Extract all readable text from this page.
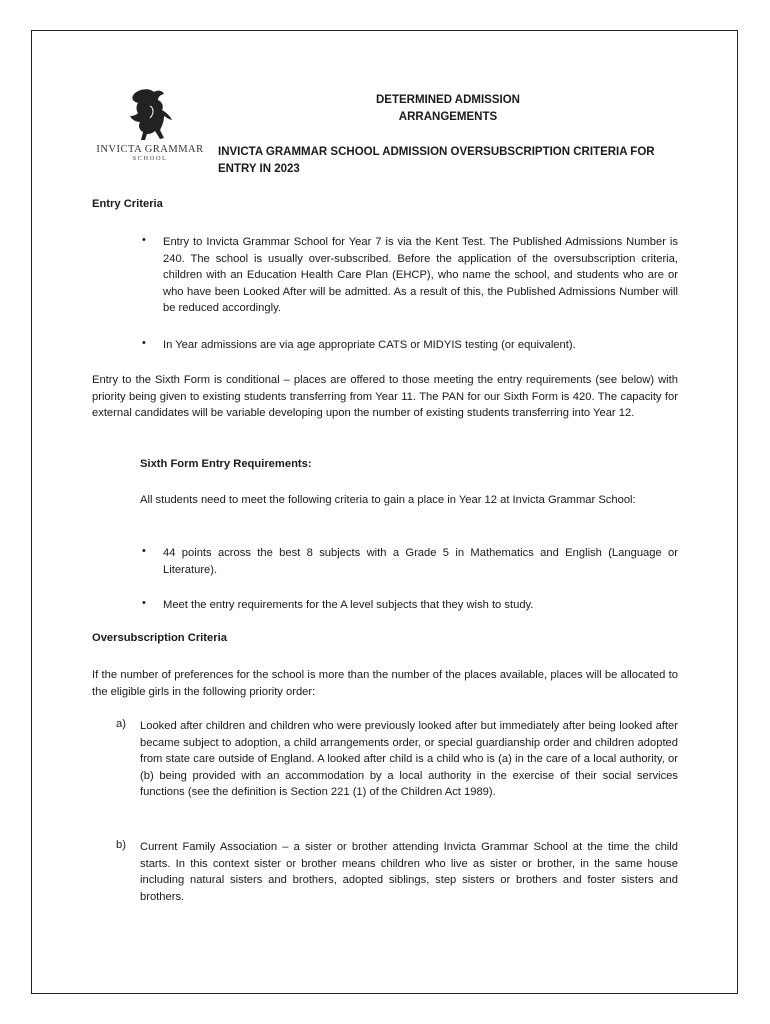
INVICTA GRAMMAR
SCHOOL
DETERMINED ADMISSION ARRANGEMENTS
INVICTA GRAMMAR SCHOOL ADMISSION OVERSUBSCRIPTION CRITERIA FOR ENTRY IN 2023
Entry Criteria
• Entry to Invicta Grammar School for Year 7 is via the Kent Test. The Published Admissions Number is 240. The school is usually over-subscribed. Before the application of the oversubscription criteria, children with an Education Health Care Plan (EHCP), who name the school, and students who are or who have been Looked After will be admitted. As a result of this, the Published Admissions Number will be reduced accordingly.
• In Year admissions are via age appropriate CATS or MIDYIS testing (or equivalent).
Entry to the Sixth Form is conditional – places are offered to those meeting the entry requirements (see below) with priority being given to existing students transferring from Year 11. The PAN for our Sixth Form is 420. The capacity for external candidates will be variable developing upon the number of existing students transferring into Year 12.
Sixth Form Entry Requirements:
All students need to meet the following criteria to gain a place in Year 12 at Invicta Grammar School:
• 44 points across the best 8 subjects with a Grade 5 in Mathematics and English (Language or Literature).
• Meet the entry requirements for the A level subjects that they wish to study.
Oversubscription Criteria
If the number of preferences for the school is more than the number of the places available, places will be allocated to the eligible girls in the following priority order:
a) Looked after children and children who were previously looked after but immediately after being looked after became subject to adoption, a child arrangements order, or special guardianship order and children adopted from state care outside of England. A looked after child is a child who is (a) in the care of a local authority, or (b) being provided with an accommodation by a local authority in the exercise of their social services functions (see the definition is Section 221 (1) of the Children Act 1989).
b) Current Family Association – a sister or brother attending Invicta Grammar School at the time the child starts. In this context sister or brother means children who live as sister or brother, in the same house including natural sisters and brothers, adopted siblings, step sisters or brothers and foster sisters and brothers.
